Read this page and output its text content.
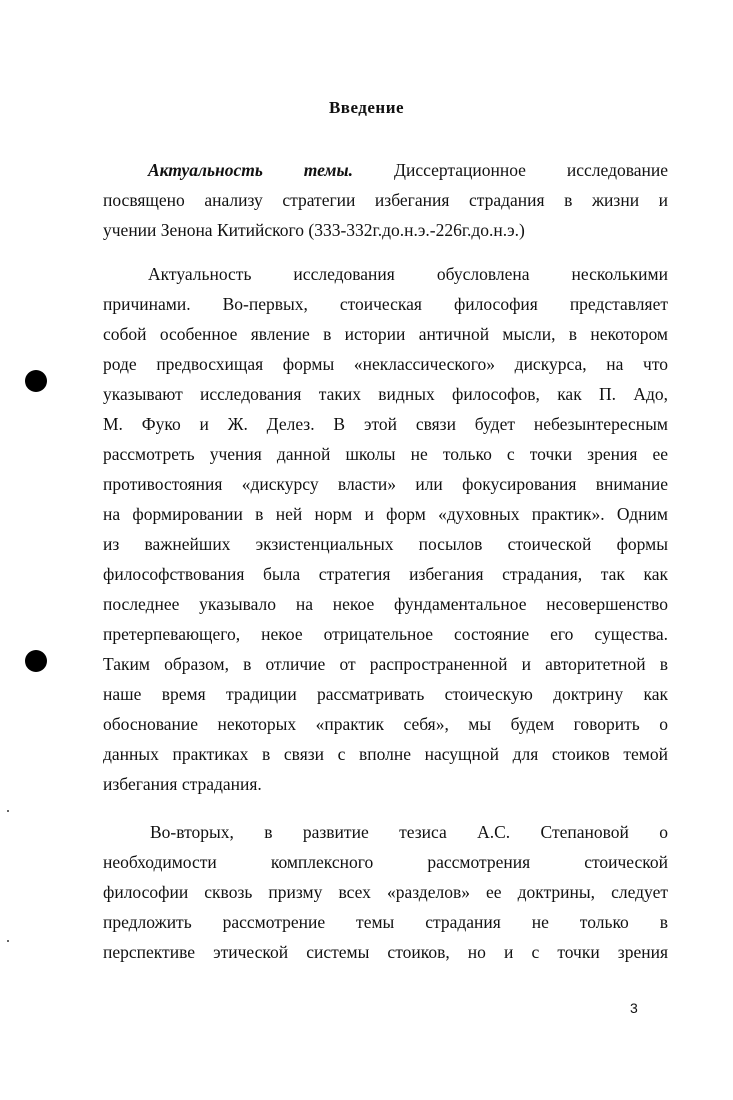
Введение
Актуальность темы. Диссертационное исследование
посвящено анализу стратегии избегания страдания в жизни и
учении Зенона Китийского (333-332г.до.н.э.-226г.до.н.э.)
Актуальность исследования обусловлена несколькими
причинами. Во-первых, стоическая философия представляет
собой особенное явление в истории античной мысли, в некотором
роде предвосхищая формы «неклассического» дискурса, на что
указывают исследования таких видных философов, как П. Адо,
М. Фуко и Ж. Делез. В этой связи будет небезынтересным
рассмотреть учения данной школы не только с точки зрения ее
противостояния «дискурсу власти» или фокусирования внимание
на формировании в ней норм и форм «духовных практик». Одним
из важнейших экзистенциальных посылов стоической формы
философствования была стратегия избегания страдания, так как
последнее указывало на некое фундаментальное несовершенство
претерпевающего, некое отрицательное состояние его существа.
Таким образом, в отличие от распространенной и авторитетной в
наше время традиции рассматривать стоическую доктрину как
обоснование некоторых «практик себя», мы будем говорить о
данных практиках в связи с вполне насущной для стоиков темой
избегания страдания.
Во-вторых, в развитие тезиса А.С. Степановой о
необходимости комплексного рассмотрения стоической
философии сквозь призму всех «разделов» ее доктрины, следует
предложить рассмотрение темы страдания не только в
перспективе этической системы стоиков, но и с точки зрения
3
